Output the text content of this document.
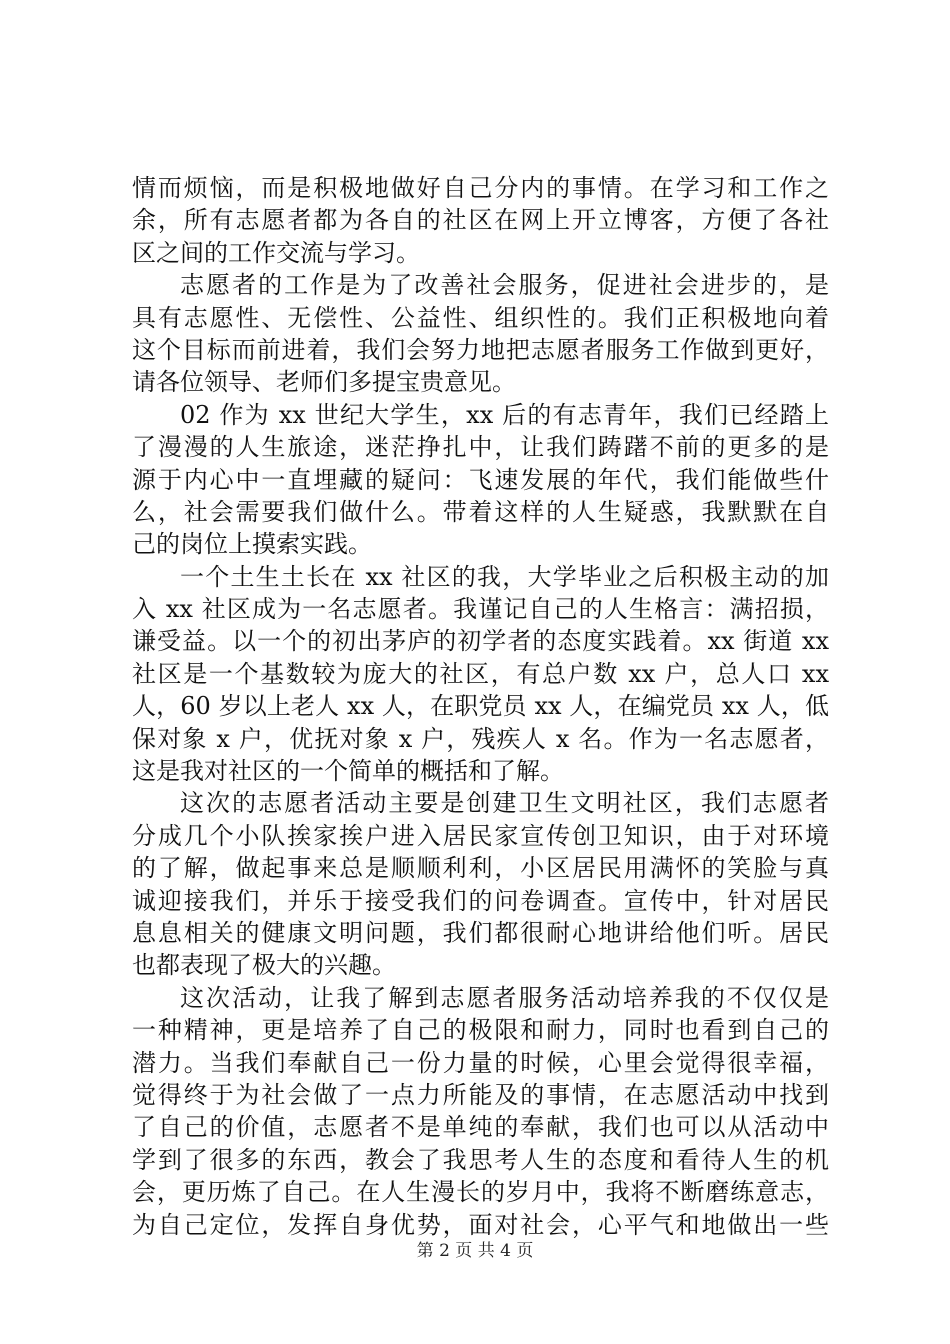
情而烦恼，而是积极地做好自己分内的事情。在学习和工作之
余，所有志愿者都为各自的社区在网上开立博客，方便了各社
区之间的工作交流与学习。
志愿者的工作是为了改善社会服务，促进社会进步的，是
具有志愿性、无偿性、公益性、组织性的。我们正积极地向着
这个目标而前进着，我们会努力地把志愿者服务工作做到更好，
请各位领导、老师们多提宝贵意见。
02 作为 xx 世纪大学生，xx 后的有志青年，我们已经踏上
了漫漫的人生旅途，迷茫挣扎中，让我们踌躇不前的更多的是
源于内心中一直埋藏的疑问：飞速发展的年代，我们能做些什
么，社会需要我们做什么。带着这样的人生疑惑，我默默在自
己的岗位上摸索实践。
一个土生土长在 xx 社区的我，大学毕业之后积极主动的加
入 xx 社区成为一名志愿者。我谨记自己的人生格言：满招损，
谦受益。以一个的初出茅庐的初学者的态度实践着。xx 街道 xx
社区是一个基数较为庞大的社区，有总户数 xx 户，总人口 xx
人，60 岁以上老人 xx 人，在职党员 xx 人，在编党员 xx 人，低
保对象 x 户，优抚对象 x 户，残疾人 x 名。作为一名志愿者，
这是我对社区的一个简单的概括和了解。
这次的志愿者活动主要是创建卫生文明社区，我们志愿者
分成几个小队挨家挨户进入居民家宣传创卫知识，由于对环境
的了解，做起事来总是顺顺利利，小区居民用满怀的笑脸与真
诚迎接我们，并乐于接受我们的问卷调查。宣传中，针对居民
息息相关的健康文明问题，我们都很耐心地讲给他们听。居民
也都表现了极大的兴趣。
这次活动，让我了解到志愿者服务活动培养我的不仅仅是
一种精神，更是培养了自己的极限和耐力，同时也看到自己的
潜力。当我们奉献自己一份力量的时候，心里会觉得很幸福，
觉得终于为社会做了一点力所能及的事情，在志愿活动中找到
了自己的价值，志愿者不是单纯的奉献，我们也可以从活动中
学到了很多的东西，教会了我思考人生的态度和看待人生的机
会，更历炼了自己。在人生漫长的岁月中，我将不断磨练意志，
为自己定位，发挥自身优势，面对社会，心平气和地做出一些
第 2 页 共 4 页
